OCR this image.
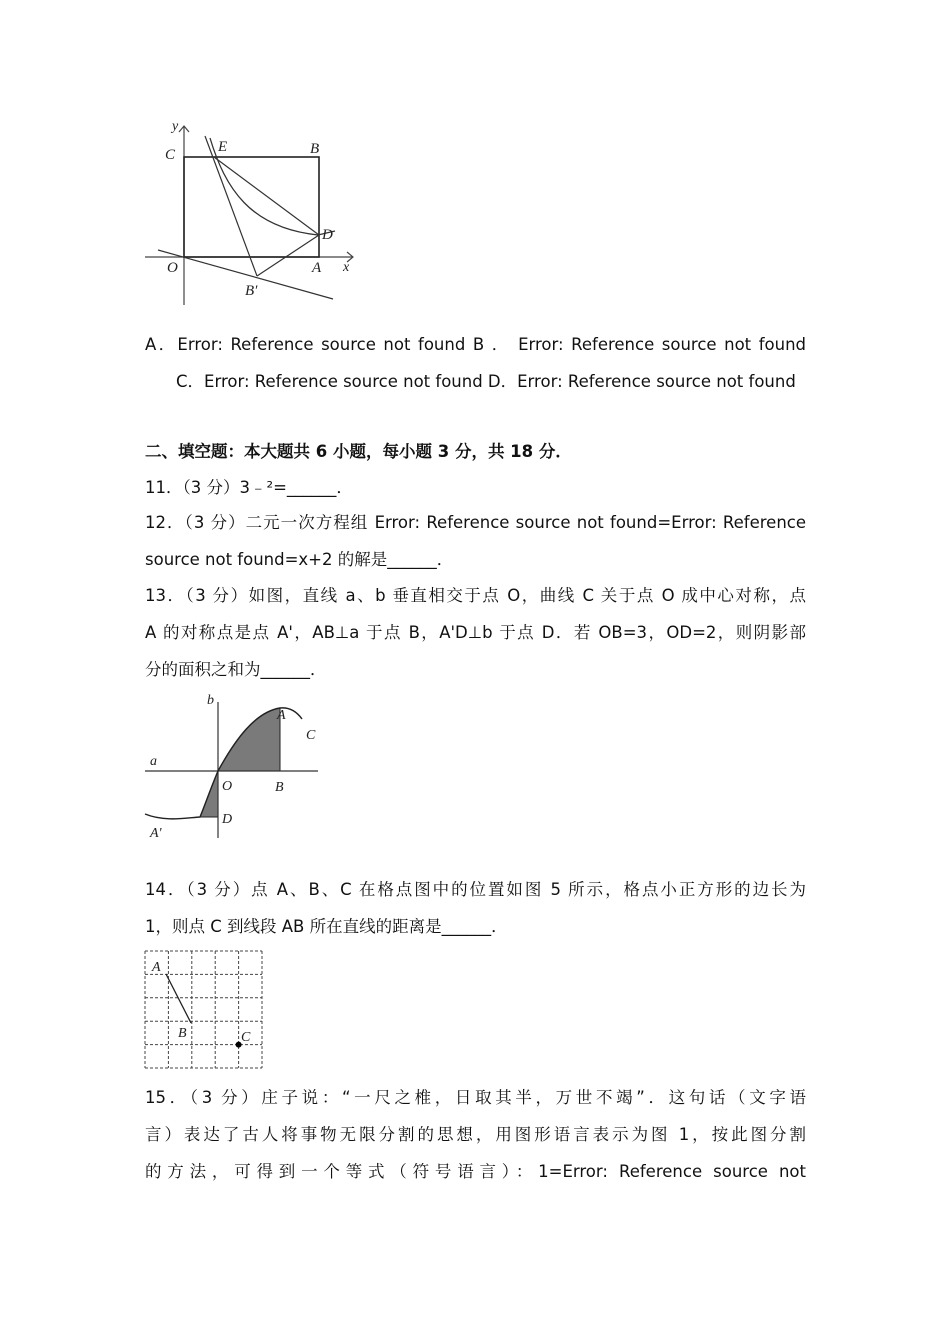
y
C	E	B
D
O	A x
B′
A．Error: Reference source not found B ． Error: Reference source not found
C．Error: Reference source not found D．Error: Reference source not found
二、填空题：本大题共 6 小题，每小题 3 分，共 18 分．
11．（3 分）3﹣²=______．
12．（3 分）二元一次方程组 Error: Reference source not found=Error: Reference
source not found=x+2 的解是______．
13．（3 分）如图，直线 a、b 垂直相交于点 O，曲线 C 关于点 O 成中心对称，点
A 的对称点是点 A'，AB⊥a 于点 B，A'D⊥b 于点 D．若 OB=3，OD=2，则阴影部
分的面积之和为______．
b
A
C
a
O	B
D
A'
14．（3 分）点 A、B、C 在格点图中的位置如图 5 所示，格点小正方形的边长为
1，则点 C 到线段 AB 所在直线的距离是______．
A
B	C
15．（3 分）庄子说：“一尺之椎，日取其半，万世不竭”．这句话（文字语
言）表达了古人将事物无限分割的思想，用图形语言表示为图 1，按此图分割
的方法，可得到一个等式（符号语言）：1=Error: Reference source not
